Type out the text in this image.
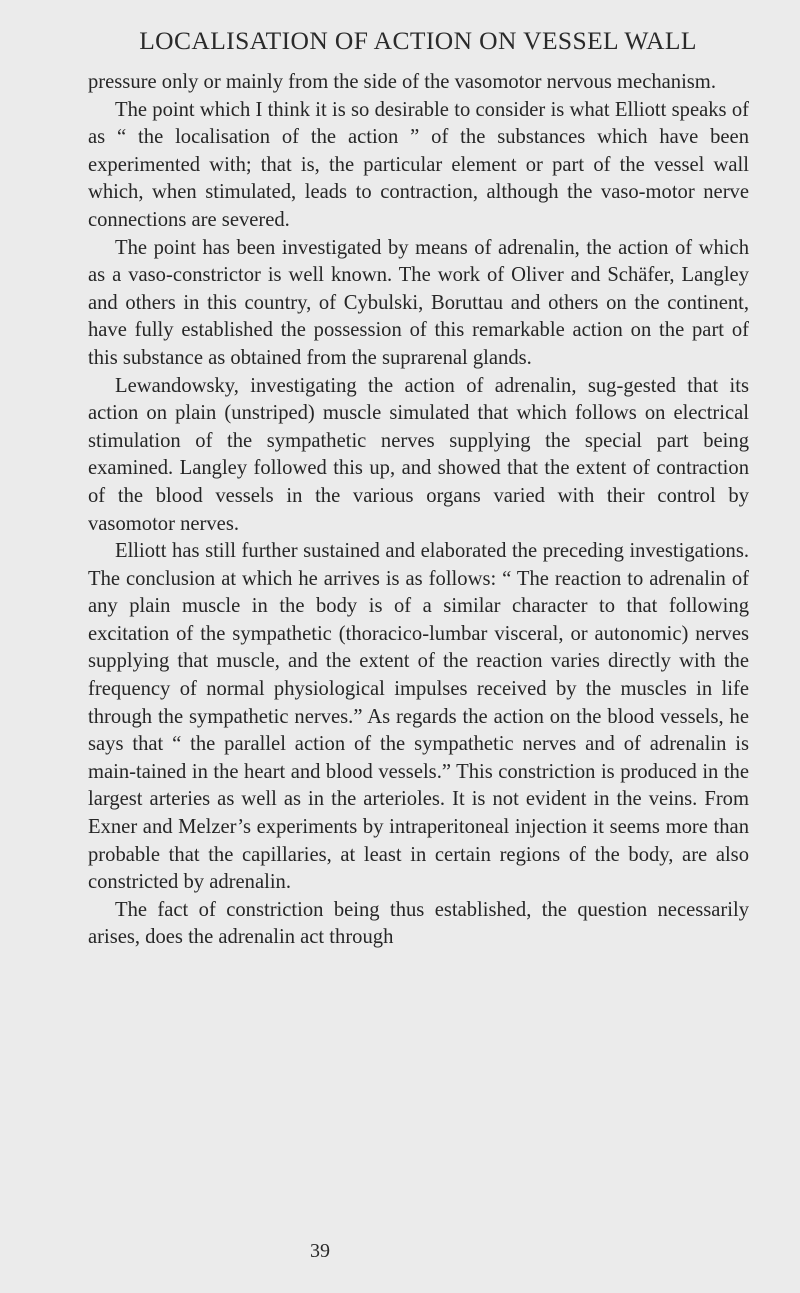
LOCALISATION OF ACTION ON VESSEL WALL

pressure only or mainly from the side of the vasomotor nervous mechanism.

The point which I think it is so desirable to consider is what Elliott speaks of as “ the localisation of the action ” of the substances which have been experimented with; that is, the particular element or part of the vessel wall which, when stimulated, leads to contraction, although the vaso-motor nerve connections are severed.

The point has been investigated by means of adrenalin, the action of which as a vaso-constrictor is well known. The work of Oliver and Schäfer, Langley and others in this country, of Cybulski, Boruttau and others on the continent, have fully established the possession of this remarkable action on the part of this substance as obtained from the suprarenal glands.

Lewandowsky, investigating the action of adrenalin, sug-gested that its action on plain (unstriped) muscle simulated that which follows on electrical stimulation of the sympathetic nerves supplying the special part being examined. Langley followed this up, and showed that the extent of contraction of the blood vessels in the various organs varied with their control by vasomotor nerves.

Elliott has still further sustained and elaborated the preceding investigations. The conclusion at which he arrives is as follows: “ The reaction to adrenalin of any plain muscle in the body is of a similar character to that following excitation of the sympathetic (thoracico-lumbar visceral, or autonomic) nerves supplying that muscle, and the extent of the reaction varies directly with the frequency of normal physiological impulses received by the muscles in life through the sympathetic nerves.” As regards the action on the blood vessels, he says that “ the parallel action of the sympathetic nerves and of adrenalin is main-tained in the heart and blood vessels.” This constriction is produced in the largest arteries as well as in the arterioles. It is not evident in the veins. From Exner and Melzer’s experiments by intraperitoneal injection it seems more than probable that the capillaries, at least in certain regions of the body, are also constricted by adrenalin.

The fact of constriction being thus established, the question necessarily arises, does the adrenalin act through

39
